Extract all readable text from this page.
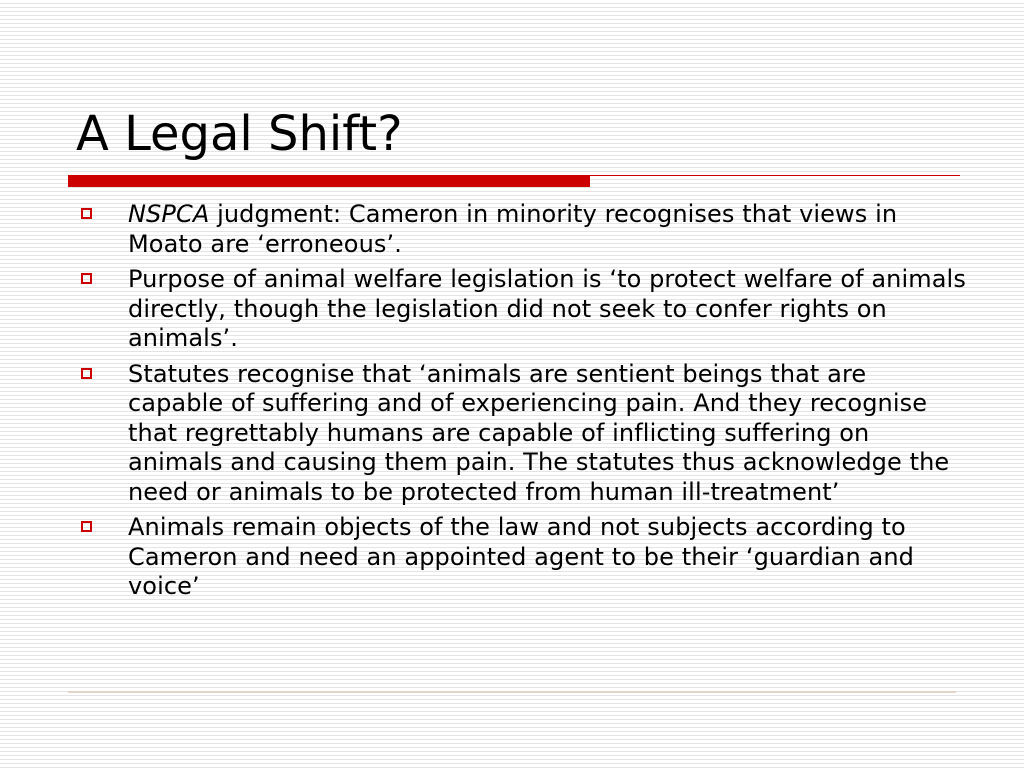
A Legal Shift?
NSPCA judgment: Cameron in minority recognises that views in Moato are ‘erroneous’.
Purpose of animal welfare legislation is ‘to protect welfare of animals directly, though the legislation did not seek to confer rights on animals’.
Statutes recognise that ‘animals are sentient beings that are capable of suffering and of experiencing pain. And they recognise that regrettably humans are capable of inflicting suffering on animals and causing them pain. The statutes thus acknowledge the need or animals to be protected from human ill-treatment’
Animals remain objects of the law and not subjects according to Cameron and need an appointed agent to be their ‘guardian and voice’
